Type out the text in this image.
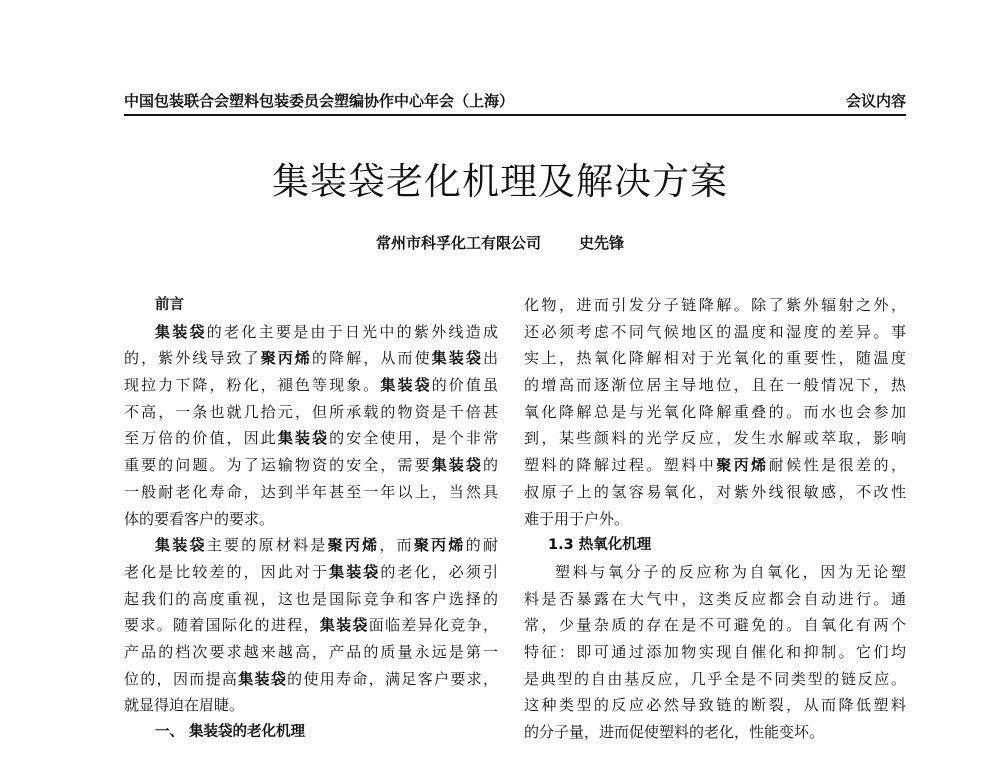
中国包装联合会塑料包装委员会塑编协作中心年会（上海）	会议内容
集装袋老化机理及解决方案
常州市科孚化工有限公司	史先锋
前言
集装袋的老化主要是由于日光中的紫外线造成
的，紫外线导致了聚丙烯的降解，从而使集装袋出
现拉力下降，粉化，褪色等现象。集装袋的价值虽
不高，一条也就几拾元，但所承载的物资是千倍甚
至万倍的价值，因此集装袋的安全使用，是个非常
重要的问题。为了运输物资的安全，需要集装袋的
一般耐老化寿命，达到半年甚至一年以上，当然具
体的要看客户的要求。
集装袋主要的原材料是聚丙烯，而聚丙烯的耐
老化是比较差的，因此对于集装袋的老化，必须引
起我们的高度重视，这也是国际竞争和客户选择的
要求。随着国际化的进程，集装袋面临差异化竞争，
产品的档次要求越来越高，产品的质量永远是第一
位的，因而提高集装袋的使用寿命，满足客户要求，
就显得迫在眉睫。
一、 集装袋的老化机理
化物，进而引发分子链降解。除了紫外辐射之外，
还必须考虑不同气候地区的温度和湿度的差异。事
实上，热氧化降解相对于光氧化的重要性，随温度
的增高而逐渐位居主导地位，且在一般情况下，热
氧化降解总是与光氧化降解重叠的。而水也会参加
到，某些颜料的光学反应，发生水解或萃取，影响
塑料的降解过程。塑料中聚丙烯耐候性是很差的，
叔原子上的氢容易氧化，对紫外线很敏感，不改性
难于用于户外。
1.3 热氧化机理
塑料与氧分子的反应称为自氧化，因为无论塑
料是否暴露在大气中，这类反应都会自动进行。通
常，少量杂质的存在是不可避免的。自氧化有两个
特征：即可通过添加物实现自催化和抑制。它们均
是典型的自由基反应，几乎全是不同类型的链反应。
这种类型的反应必然导致链的断裂，从而降低塑料
的分子量，进而促使塑料的老化，性能变坏。
